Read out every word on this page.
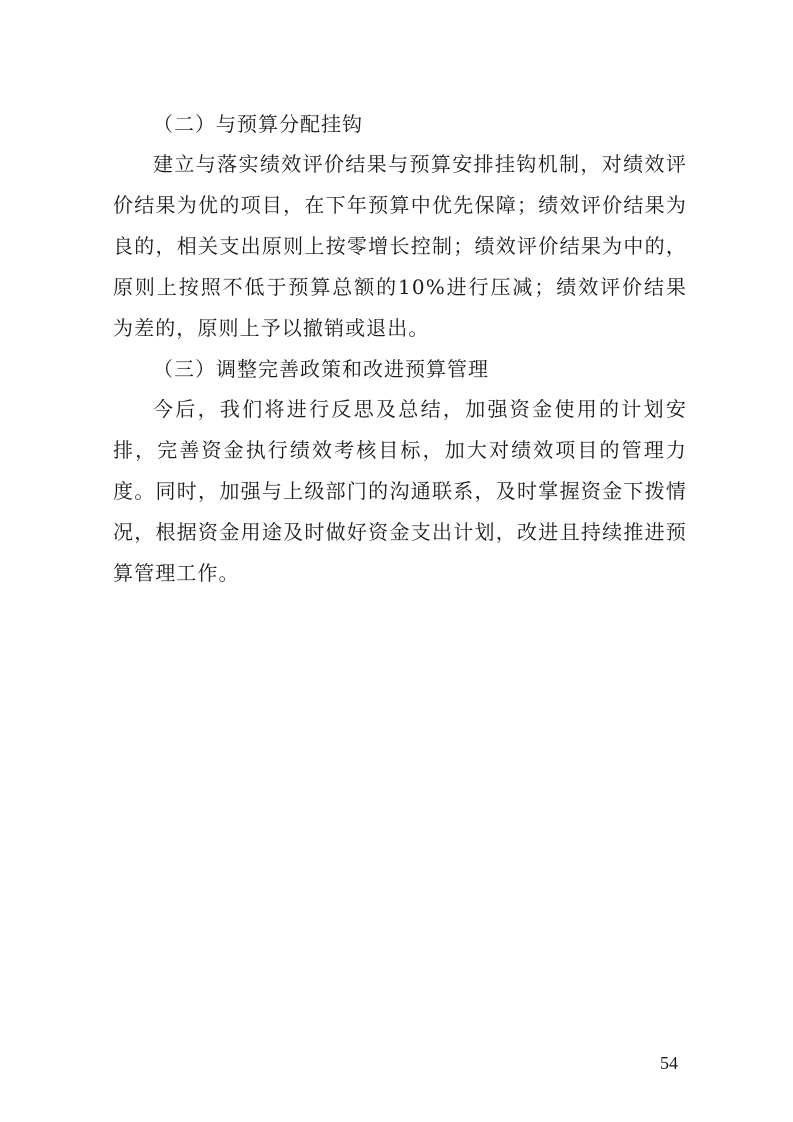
（二）与预算分配挂钩

建立与落实绩效评价结果与预算安排挂钩机制，对绩效评价结果为优的项目，在下年预算中优先保障；绩效评价结果为良的，相关支出原则上按零增长控制；绩效评价结果为中的，原则上按照不低于预算总额的10%进行压减；绩效评价结果为差的，原则上予以撤销或退出。

（三）调整完善政策和改进预算管理

今后，我们将进行反思及总结，加强资金使用的计划安排，完善资金执行绩效考核目标，加大对绩效项目的管理力度。同时，加强与上级部门的沟通联系，及时掌握资金下拨情况，根据资金用途及时做好资金支出计划，改进且持续推进预算管理工作。

54
